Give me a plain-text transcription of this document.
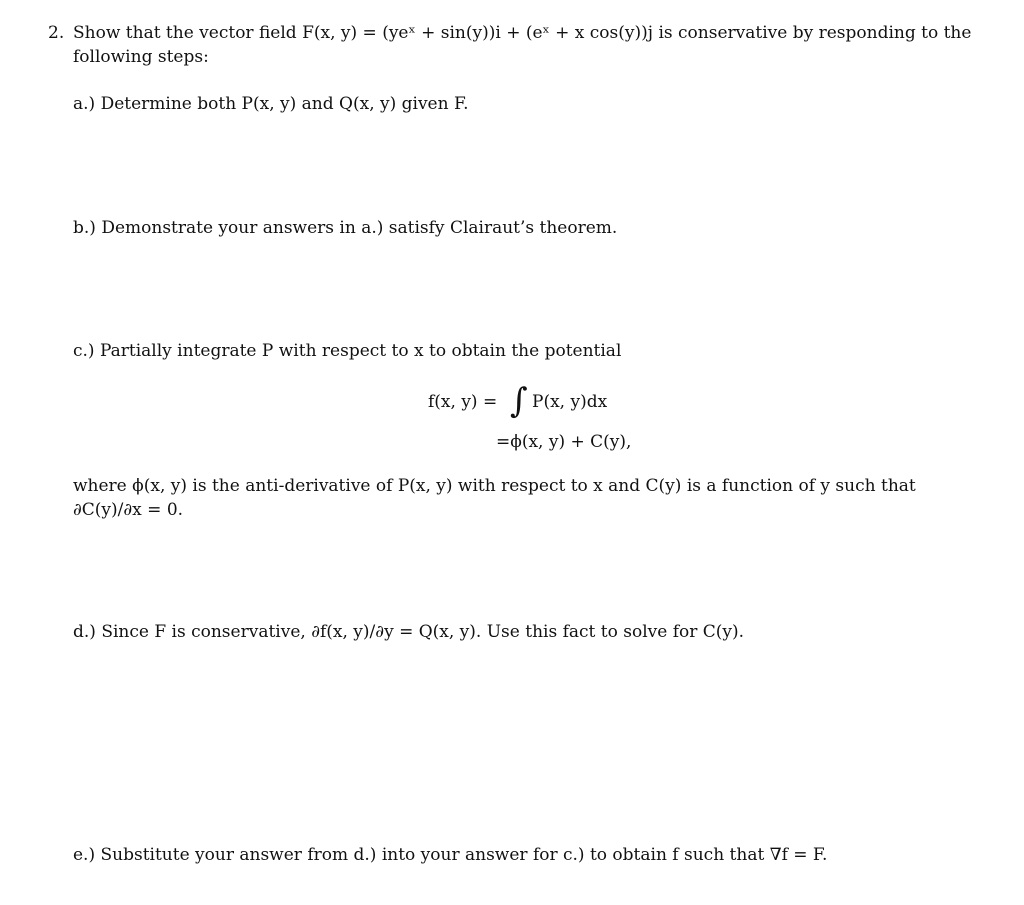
2. Show that the vector field F(x, y) = (yeˣ + sin(y))i + (eˣ + x cos(y))j is conservative by responding to the
following steps:
a.) Determine both P(x, y) and Q(x, y) given F.
b.) Demonstrate your answers in a.) satisfy Clairaut’s theorem.
c.) Partially integrate P with respect to x to obtain the potential
f(x, y) = ∫ P(x, y)dx
=ϕ(x, y) + C(y),
where ϕ(x, y) is the anti-derivative of P(x, y) with respect to x and C(y) is a function of y such that
∂C(y)/∂x = 0.
d.) Since F is conservative, ∂f(x, y)/∂y = Q(x, y). Use this fact to solve for C(y).
e.) Substitute your answer from d.) into your answer for c.) to obtain f such that ∇f = F.
